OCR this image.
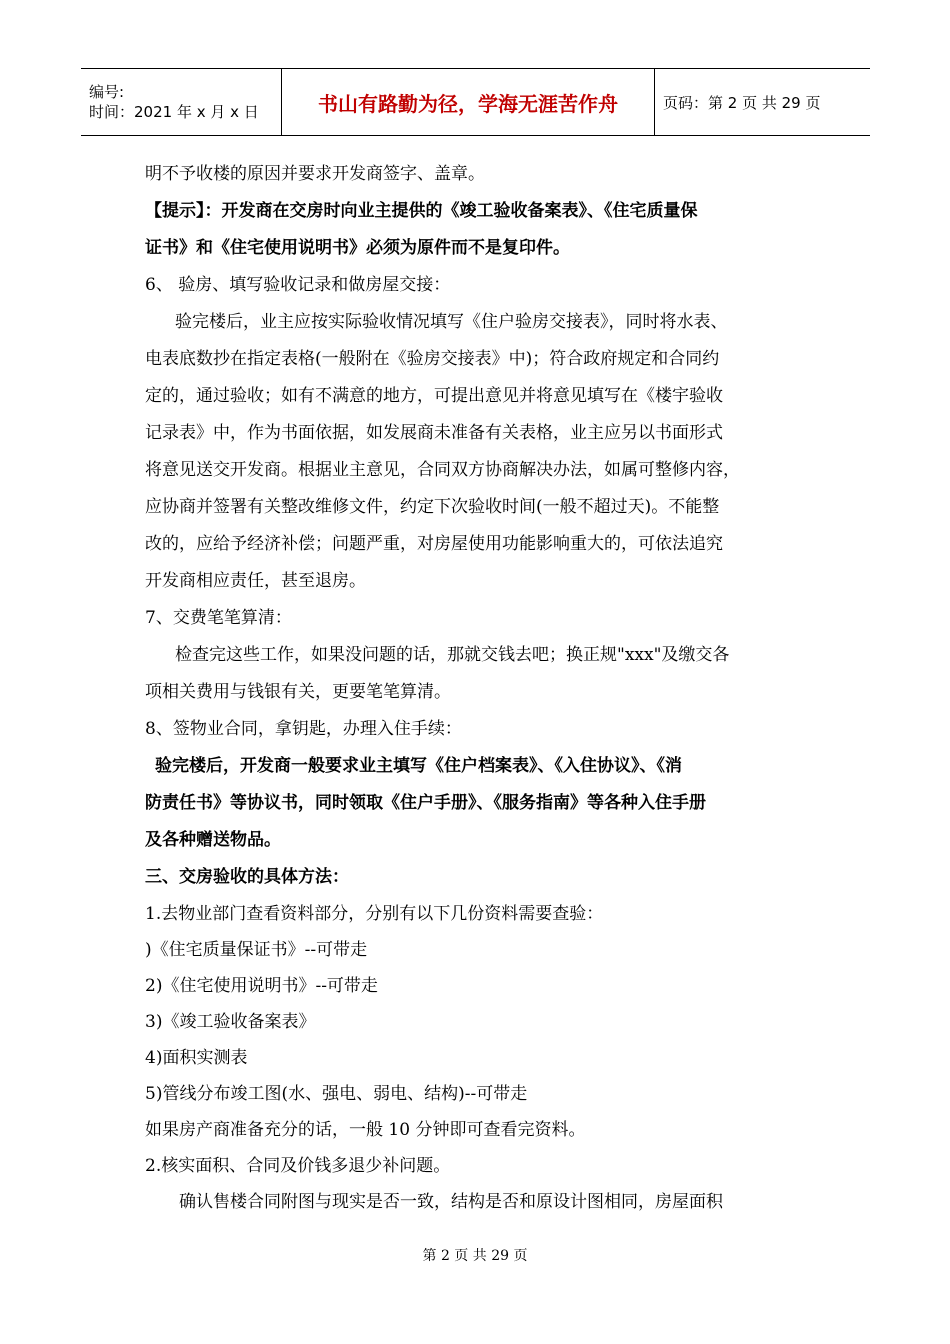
编号:
时间：2021 年 x 月 x 日	书山有路勤为径，学海无涯苦作舟	页码：第 2 页 共 29 页
明不予收楼的原因并要求开发商签字、盖章。
【提示】：开发商在交房时向业主提供的《竣工验收备案表》、《住宅质量保
证书》和《住宅使用说明书》必须为原件而不是复印件。
6、 验房、填写验收记录和做房屋交接：
验完楼后，业主应按实际验收情况填写《住户验房交接表》，同时将水表、
电表底数抄在指定表格(一般附在《验房交接表》中)；符合政府规定和合同约
定的，通过验收；如有不满意的地方，可提出意见并将意见填写在《楼宇验收
记录表》中，作为书面依据，如发展商未准备有关表格，业主应另以书面形式
将意见送交开发商。根据业主意见，合同双方协商解决办法，如属可整修内容，
应协商并签署有关整改维修文件，约定下次验收时间(一般不超过天)。不能整
改的，应给予经济补偿；问题严重，对房屋使用功能影响重大的，可依法追究
开发商相应责任，甚至退房。
7、交费笔笔算清：
检查完这些工作，如果没问题的话，那就交钱去吧；换正规"xxx"及缴交各
项相关费用与钱银有关，更要笔笔算清。
8、签物业合同，拿钥匙，办理入住手续：
验完楼后，开发商一般要求业主填写《住户档案表》、《入住协议》、《消
防责任书》等协议书，同时领取《住户手册》、《服务指南》等各种入住手册
及各种赠送物品。
三、交房验收的具体方法：
1.去物业部门查看资料部分，分别有以下几份资料需要查验：
)《住宅质量保证书》--可带走
2)《住宅使用说明书》--可带走
3)《竣工验收备案表》
4)面积实测表
5)管线分布竣工图(水、强电、弱电、结构)--可带走
如果房产商准备充分的话，一般 10 分钟即可查看完资料。
2.核实面积、合同及价钱多退少补问题。
确认售楼合同附图与现实是否一致，结构是否和原设计图相同，房屋面积
第 2 页 共 29 页
